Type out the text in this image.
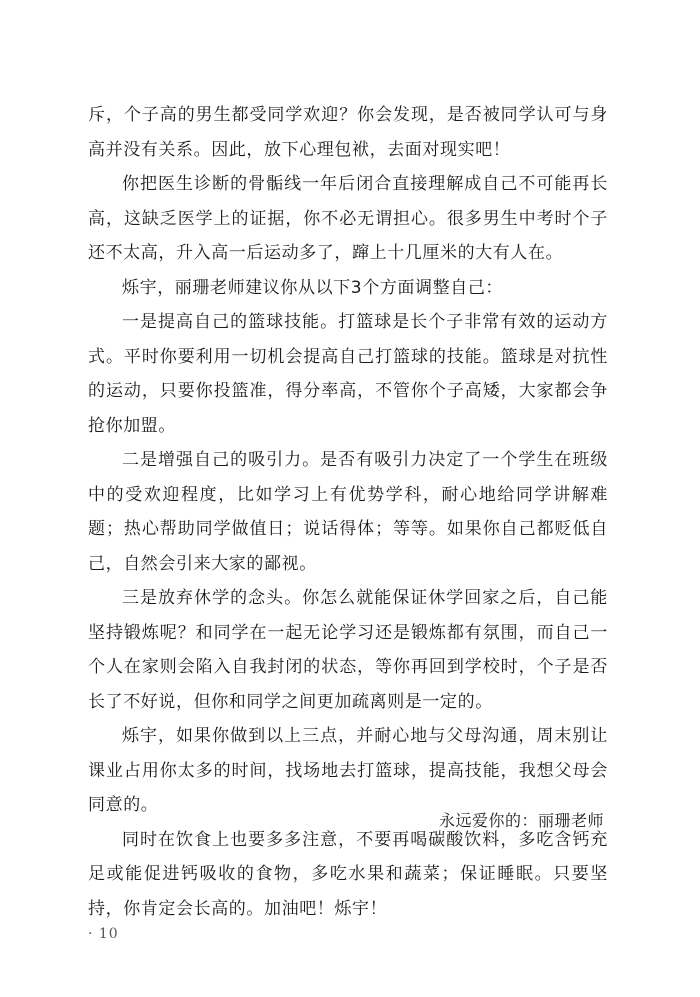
斥，个子高的男生都受同学欢迎？你会发现，是否被同学认可与身高并没有关系。因此，放下心理包袱，去面对现实吧！

你把医生诊断的骨骺线一年后闭合直接理解成自己不可能再长高，这缺乏医学上的证据，你不必无谓担心。很多男生中考时个子还不太高，升入高一后运动多了，蹿上十几厘米的大有人在。

烁宇，丽珊老师建议你从以下3个方面调整自己：

一是提高自己的篮球技能。打篮球是长个子非常有效的运动方式。平时你要利用一切机会提高自己打篮球的技能。篮球是对抗性的运动，只要你投篮准，得分率高，不管你个子高矮，大家都会争抢你加盟。

二是增强自己的吸引力。是否有吸引力决定了一个学生在班级中的受欢迎程度，比如学习上有优势学科，耐心地给同学讲解难题；热心帮助同学做值日；说话得体；等等。如果你自己都贬低自己，自然会引来大家的鄙视。

三是放弃休学的念头。你怎么就能保证休学回家之后，自己能坚持锻炼呢？和同学在一起无论学习还是锻炼都有氛围，而自己一个人在家则会陷入自我封闭的状态，等你再回到学校时，个子是否长了不好说，但你和同学之间更加疏离则是一定的。

烁宇，如果你做到以上三点，并耐心地与父母沟通，周末别让课业占用你太多的时间，找场地去打篮球，提高技能，我想父母会同意的。

同时在饮食上也要多多注意，不要再喝碳酸饮料，多吃含钙充足或能促进钙吸收的食物，多吃水果和蔬菜；保证睡眠。只要坚持，你肯定会长高的。加油吧！烁宇！

永远爱你的：丽珊老师

· 10
